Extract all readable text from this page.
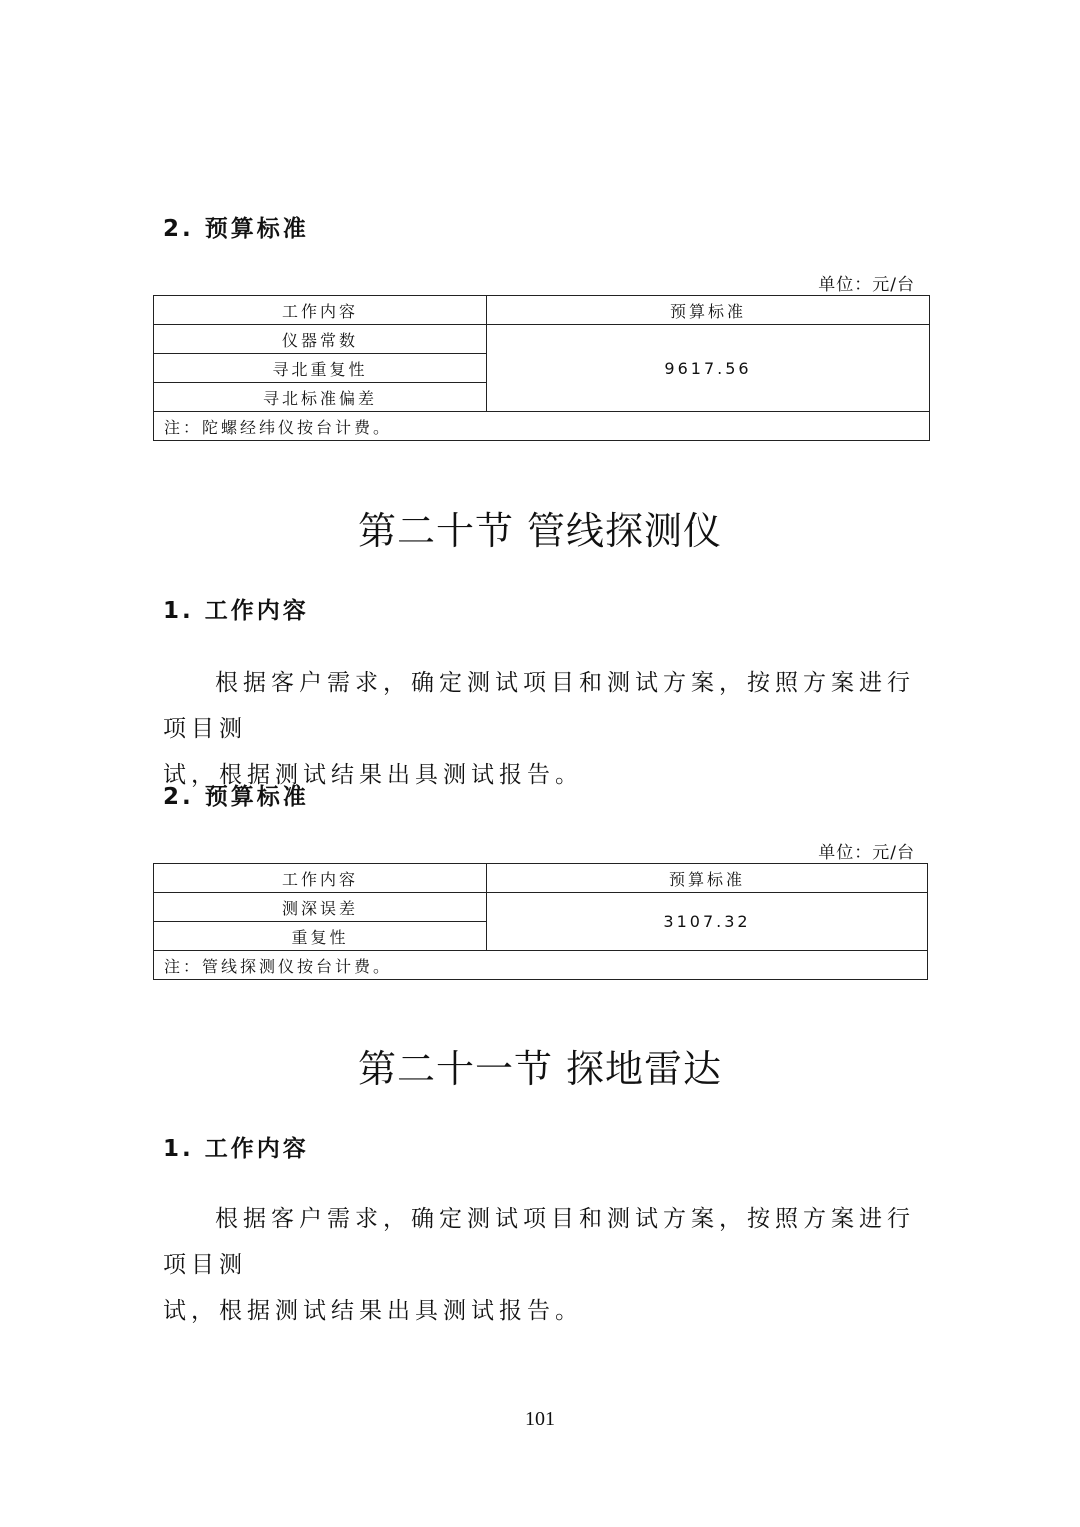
2. 预算标准
单位：元/台
工作内容	预算标准
仪器常数	9617.56
寻北重复性	
寻北标准偏差	
注：陀螺经纬仪按台计费。	
第二十节 管线探测仪
1. 工作内容
根据客户需求，确定测试项目和测试方案，按照方案进行项目测
试，根据测试结果出具测试报告。
2. 预算标准
单位：元/台
工作内容	预算标准
测深误差	3107.32
重复性	
注：管线探测仪按台计费。	
第二十一节 探地雷达
1. 工作内容
根据客户需求，确定测试项目和测试方案，按照方案进行项目测
试，根据测试结果出具测试报告。
101
